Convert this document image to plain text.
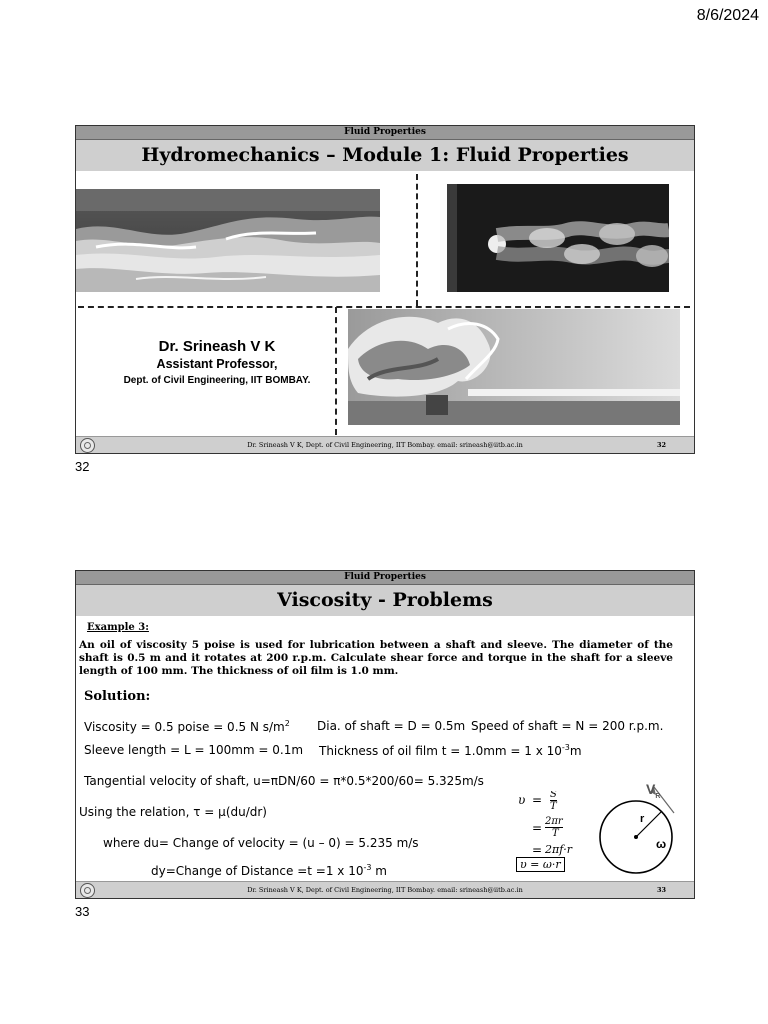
8/6/2024
Fluid Properties
Hydromechanics – Module 1: Fluid Properties
Dr. Srineash V K
Assistant Professor,
Dept. of Civil Engineering, IIT BOMBAY.
Dr. Srineash V K, Dept. of Civil Engineering, IIT Bombay. email: srineash@iitb.ac.in	32
32
Fluid Properties
Viscosity - Problems
Example 3:
An oil of viscosity 5 poise is used for lubrication between a shaft and sleeve. The diameter of the shaft is 0.5 m and it rotates at 200 r.p.m. Calculate shear force and torque in the shaft for a sleeve length of 100 mm. The thickness of oil film is 1.0 mm.
Solution:
Viscosity = 0.5 poise = 0.5 N $s/m^2$ Dia. of shaft = D = 0.5m Speed of shaft = N = 200 r.p.m.
Sleeve length = L = 100mm = 0.1m Thickness of oil film t = 1.0mm = 1 x $10^{-3}m$
Tangential velocity of shaft, u=πDN/60 = π*0.5*200/60= 5.325m/s
Using the relation, τ = μ(du/dr)
where du= Change of velocity = (u – 0) = 5.235 m/s
dy=Change of Distance =t =1 x $10^{-3}$ m
υ = S
T
= 2πr
T
= 2πf·r
υ = ω·r
$V_R$
r
ω
Dr. Srineash V K, Dept. of Civil Engineering, IIT Bombay. email: srineash@iitb.ac.in	33
33
